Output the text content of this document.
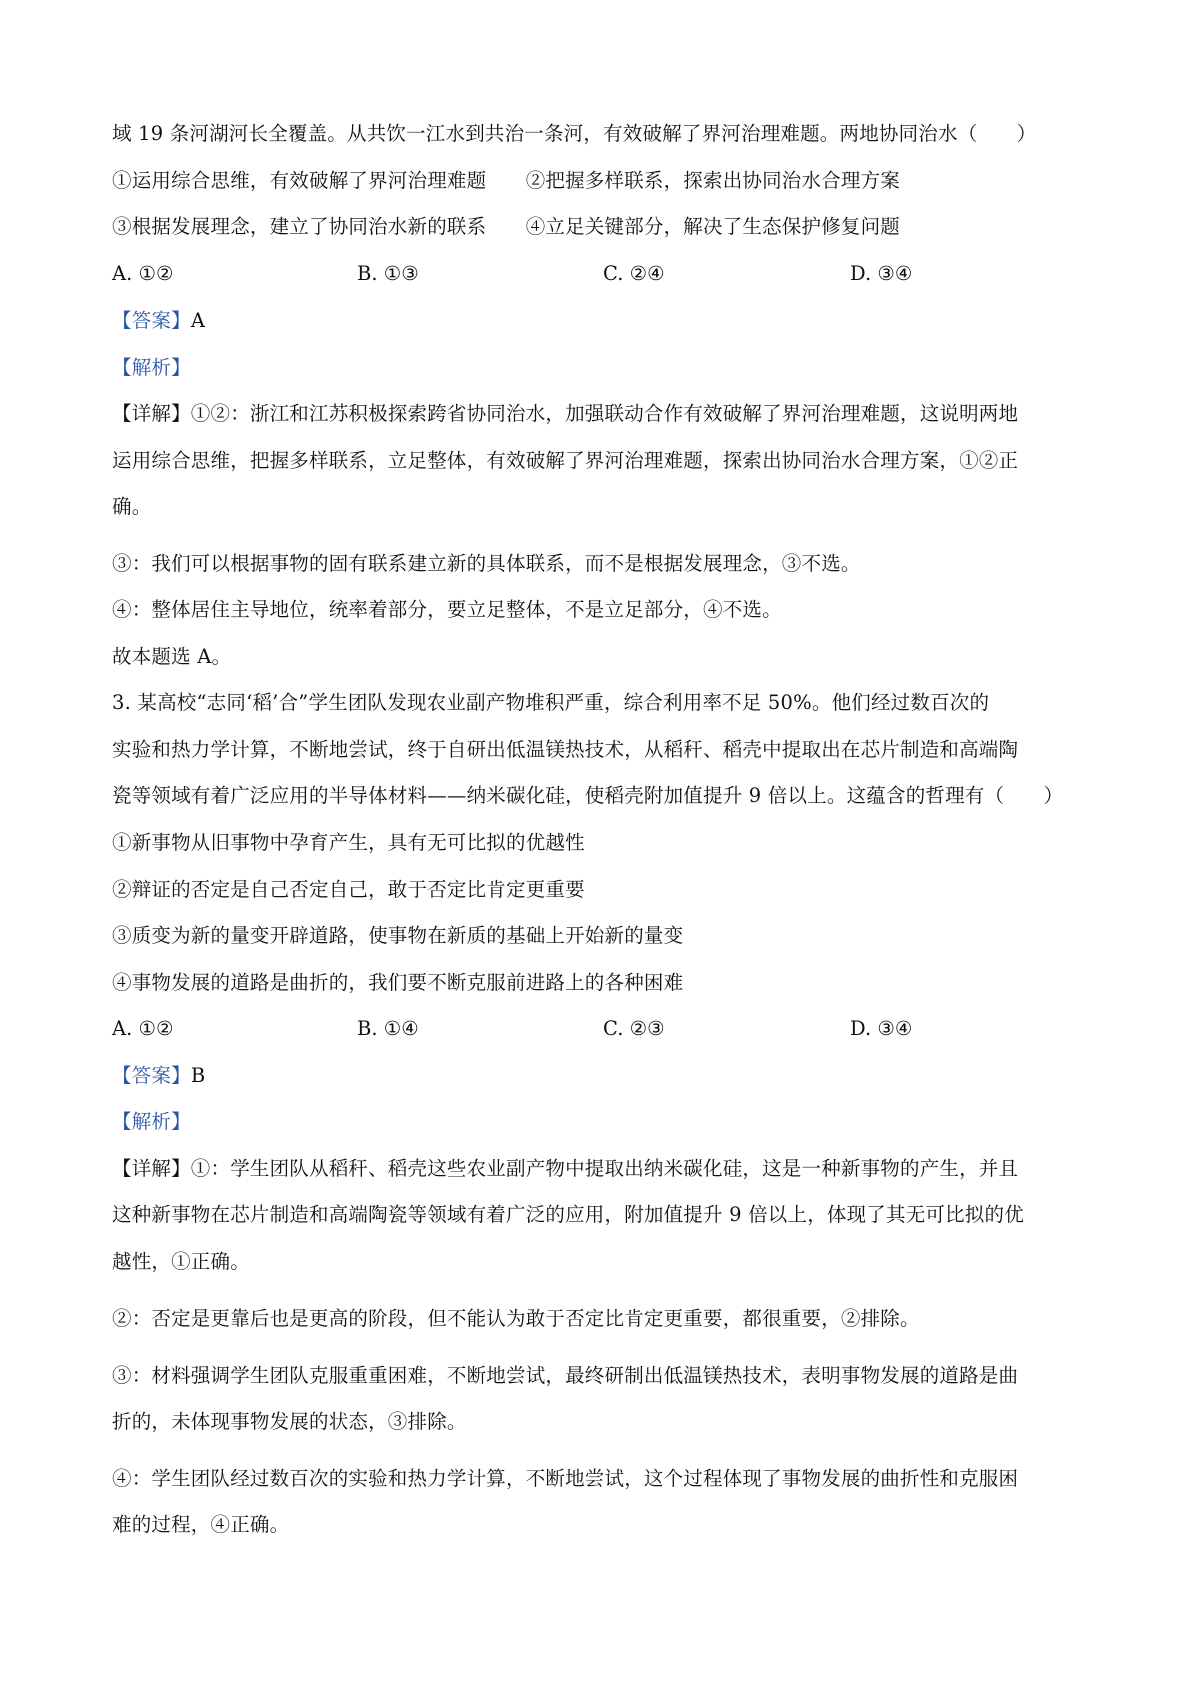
域 19 条河湖河长全覆盖。从共饮一江水到共治一条河，有效破解了界河治理难题。两地协同治水（　　）
①运用综合思维，有效破解了界河治理难题　　②把握多样联系，探索出协同治水合理方案
③根据发展理念，建立了协同治水新的联系　　④立足关键部分，解决了生态保护修复问题
A. ①②	B. ①③	C. ②④	D. ③④
【答案】A
【解析】
【详解】①②：浙江和江苏积极探索跨省协同治水，加强联动合作有效破解了界河治理难题，这说明两地
运用综合思维，把握多样联系，立足整体，有效破解了界河治理难题，探索出协同治水合理方案，①②正
确。
③：我们可以根据事物的固有联系建立新的具体联系，而不是根据发展理念，③不选。
④：整体居住主导地位，统率着部分，要立足整体，不是立足部分，④不选。
故本题选 A。
3. 某高校“志同‘稻’合”学生团队发现农业副产物堆积严重，综合利用率不足 50%。他们经过数百次的
实验和热力学计算，不断地尝试，终于自研出低温镁热技术，从稻秆、稻壳中提取出在芯片制造和高端陶
瓷等领域有着广泛应用的半导体材料——纳米碳化硅，使稻壳附加值提升 9 倍以上。这蕴含的哲理有（　　）
①新事物从旧事物中孕育产生，具有无可比拟的优越性
②辩证的否定是自己否定自己，敢于否定比肯定更重要
③质变为新的量变开辟道路，使事物在新质的基础上开始新的量变
④事物发展的道路是曲折的，我们要不断克服前进路上的各种困难
A. ①②	B. ①④	C. ②③	D. ③④
【答案】B
【解析】
【详解】①：学生团队从稻秆、稻壳这些农业副产物中提取出纳米碳化硅，这是一种新事物的产生，并且
这种新事物在芯片制造和高端陶瓷等领域有着广泛的应用，附加值提升 9 倍以上，体现了其无可比拟的优
越性，①正确。
②：否定是更靠后也是更高的阶段，但不能认为敢于否定比肯定更重要，都很重要，②排除。
③：材料强调学生团队克服重重困难，不断地尝试，最终研制出低温镁热技术，表明事物发展的道路是曲
折的，未体现事物发展的状态，③排除。
④：学生团队经过数百次的实验和热力学计算，不断地尝试，这个过程体现了事物发展的曲折性和克服困
难的过程，④正确。
